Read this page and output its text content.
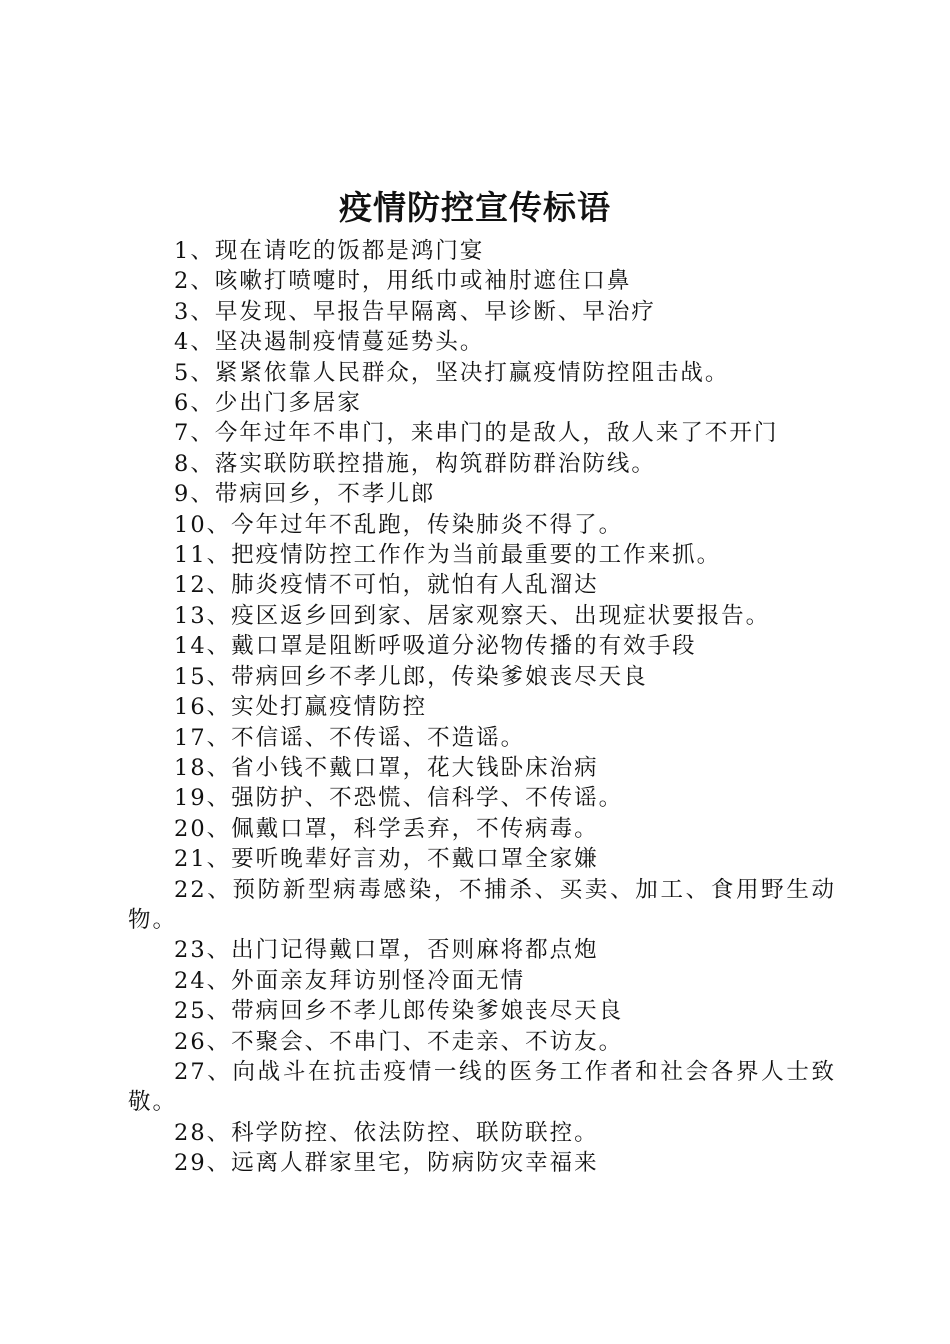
疫情防控宣传标语

1、现在请吃的饭都是鸿门宴

2、咳嗽打喷嚏时，用纸巾或袖肘遮住口鼻

3、早发现、早报告早隔离、早诊断、早治疗

4、坚决遏制疫情蔓延势头。

5、紧紧依靠人民群众，坚决打赢疫情防控阻击战。

6、少出门多居家

7、今年过年不串门，来串门的是敌人，敌人来了不开门

8、落实联防联控措施，构筑群防群治防线。

9、带病回乡，不孝儿郎

10、今年过年不乱跑，传染肺炎不得了。

11、把疫情防控工作作为当前最重要的工作来抓。

12、肺炎疫情不可怕，就怕有人乱溜达

13、疫区返乡回到家、居家观察天、出现症状要报告。

14、戴口罩是阻断呼吸道分泌物传播的有效手段

15、带病回乡不孝儿郎，传染爹娘丧尽天良

16、实处打赢疫情防控

17、不信谣、不传谣、不造谣。

18、省小钱不戴口罩，花大钱卧床治病

19、强防护、不恐慌、信科学、不传谣。

20、佩戴口罩，科学丢弃，不传病毒。

21、要听晚辈好言劝，不戴口罩全家嫌

22、预防新型病毒感染，不捕杀、买卖、加工、食用野生动物。

23、出门记得戴口罩，否则麻将都点炮

24、外面亲友拜访别怪冷面无情

25、带病回乡不孝儿郎传染爹娘丧尽天良

26、不聚会、不串门、不走亲、不访友。

27、向战斗在抗击疫情一线的医务工作者和社会各界人士致敬。

28、科学防控、依法防控、联防联控。

29、远离人群家里宅，防病防灾幸福来
